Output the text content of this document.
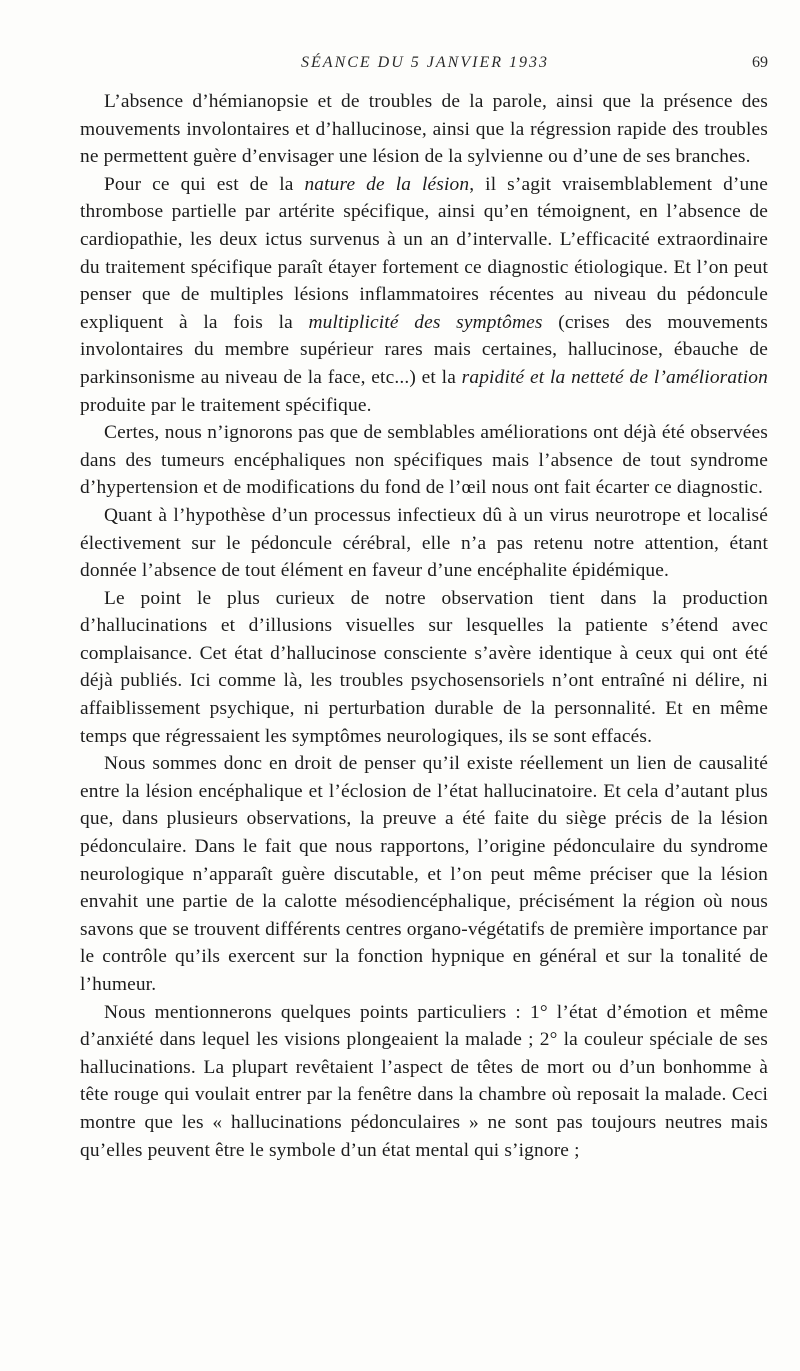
SÉANCE DU 5 JANVIER 1933	69

L’absence d’hémianopsie et de troubles de la parole, ainsi que la présence des mouvements involontaires et d’hallucinose, ainsi que la régression rapide des troubles ne permettent guère d’envisager une lésion de la sylvienne ou d’une de ses branches.

Pour ce qui est de la nature de la lésion, il s’agit vraisemblablement d’une thrombose partielle par artérite spécifique, ainsi qu’en témoignent, en l’absence de cardiopathie, les deux ictus survenus à un an d’intervalle. L’efficacité extraordinaire du traitement spécifique paraît étayer fortement ce diagnostic étiologique. Et l’on peut penser que de multiples lésions inflammatoires récentes au niveau du pédoncule expliquent à la fois la multiplicité des symptômes (crises des mouvements involontaires du membre supérieur rares mais certaines, hallucinose, ébauche de parkinsonisme au niveau de la face, etc...) et la rapidité et la netteté de l’amélioration produite par le traitement spécifique.

Certes, nous n’ignorons pas que de semblables améliorations ont déjà été observées dans des tumeurs encéphaliques non spécifiques mais l’absence de tout syndrome d’hypertension et de modifications du fond de l’œil nous ont fait écarter ce diagnostic.

Quant à l’hypothèse d’un processus infectieux dû à un virus neurotrope et localisé électivement sur le pédoncule cérébral, elle n’a pas retenu notre attention, étant donnée l’absence de tout élément en faveur d’une encéphalite épidémique.

Le point le plus curieux de notre observation tient dans la production d’hallucinations et d’illusions visuelles sur lesquelles la patiente s’étend avec complaisance. Cet état d’hallucinose consciente s’avère identique à ceux qui ont été déjà publiés. Ici comme là, les troubles psychosensoriels n’ont entraîné ni délire, ni affaiblissement psychique, ni perturbation durable de la personnalité. Et en même temps que régressaient les symptômes neurologiques, ils se sont effacés.

Nous sommes donc en droit de penser qu’il existe réellement un lien de causalité entre la lésion encéphalique et l’éclosion de l’état hallucinatoire. Et cela d’autant plus que, dans plusieurs observations, la preuve a été faite du siège précis de la lésion pédonculaire. Dans le fait que nous rapportons, l’origine pédonculaire du syndrome neurologique n’apparaît guère discutable, et l’on peut même préciser que la lésion envahit une partie de la calotte mésodiencéphalique, précisément la région où nous savons que se trouvent différents centres organo-végétatifs de première importance par le contrôle qu’ils exercent sur la fonction hypnique en général et sur la tonalité de l’humeur.

Nous mentionnerons quelques points particuliers : 1° l’état d’émotion et même d’anxiété dans lequel les visions plongeaient la malade ; 2° la couleur spéciale de ses hallucinations. La plupart revêtaient l’aspect de têtes de mort ou d’un bonhomme à tête rouge qui voulait entrer par la fenêtre dans la chambre où reposait la malade. Ceci montre que les « hallucinations pédonculaires » ne sont pas toujours neutres mais qu’elles peuvent être le symbole d’un état mental qui s’ignore ;
